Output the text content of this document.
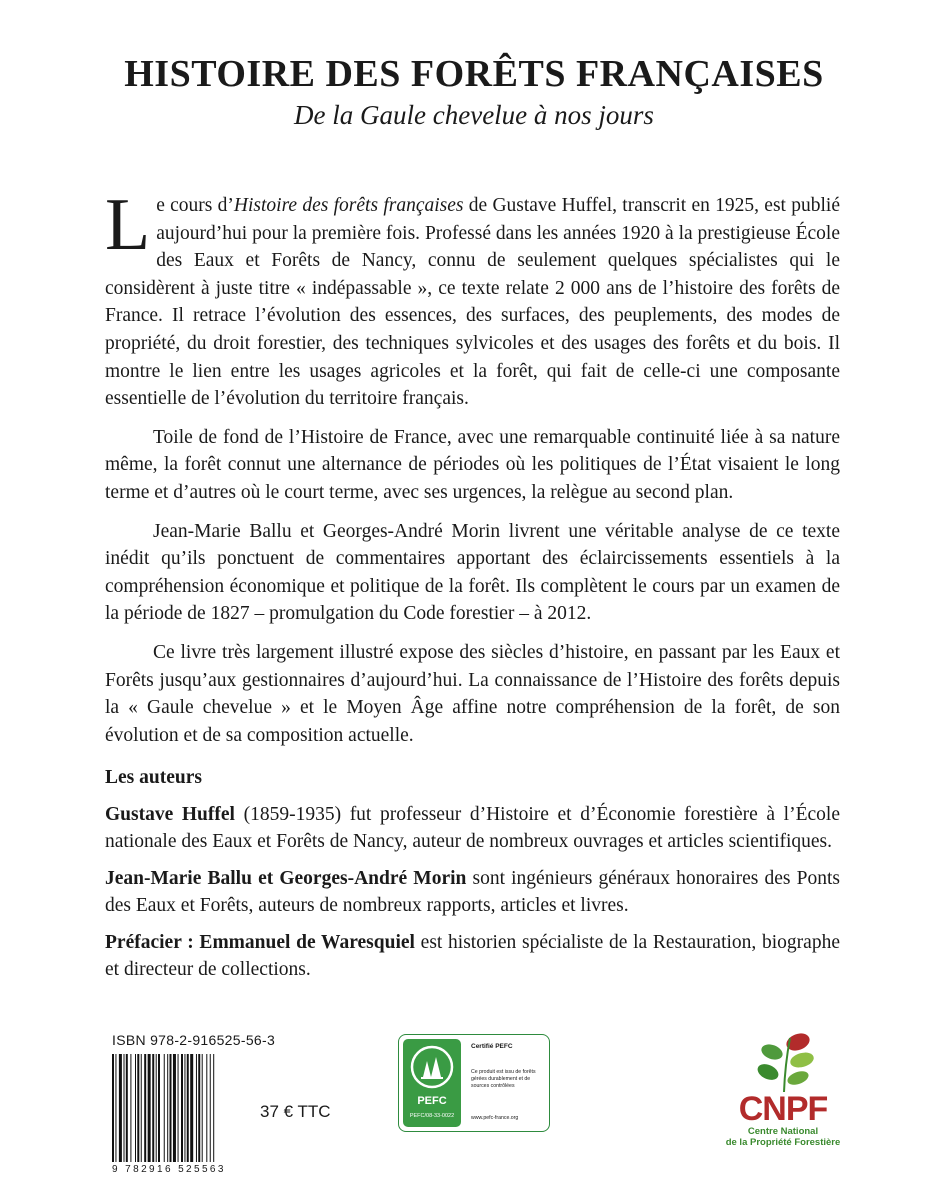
HISTOIRE DES FORÊTS FRANÇAISES
De la Gaule chevelue à nos jours

Le cours d’Histoire des forêts françaises de Gustave Huffel, transcrit en 1925, est publié aujourd’hui pour la première fois. Professé dans les années 1920 à la prestigieuse École des Eaux et Forêts de Nancy, connu de seulement quelques spécialistes qui le considèrent à juste titre « indépassable », ce texte relate 2 000 ans de l’histoire des forêts de France. Il retrace l’évolution des essences, des surfaces, des peuplements, des modes de propriété, du droit forestier, des techniques sylvicoles et des usages des forêts et du bois. Il montre le lien entre les usages agricoles et la forêt, qui fait de celle-ci une composante essentielle de l’évolution du territoire français.

Toile de fond de l’Histoire de France, avec une remarquable continuité liée à sa nature même, la forêt connut une alternance de périodes où les politiques de l’État visaient le long terme et d’autres où le court terme, avec ses urgences, la relègue au second plan.

Jean-Marie Ballu et Georges-André Morin livrent une véritable analyse de ce texte inédit qu’ils ponctuent de commentaires apportant des éclaircissements essentiels à la compréhension économique et politique de la forêt. Ils complètent le cours par un examen de la période de 1827 – promulgation du Code forestier – à 2012.

Ce livre très largement illustré expose des siècles d’histoire, en passant par les Eaux et Forêts jusqu’aux gestionnaires d’aujourd’hui. La connaissance de l’Histoire des forêts depuis la « Gaule chevelue » et le Moyen Âge affine notre compréhension de la forêt, de son évolution et de sa composition actuelle.

Les auteurs

Gustave Huffel (1859-1935) fut professeur d’Histoire et d’Économie forestière à l’École nationale des Eaux et Forêts de Nancy, auteur de nombreux ouvrages et articles scientifiques.

Jean-Marie Ballu et Georges-André Morin sont ingénieurs généraux honoraires des Ponts des Eaux et Forêts, auteurs de nombreux rapports, articles et livres.

Préfacier : Emmanuel de Waresquiel est historien spécialiste de la Restauration, biographe et directeur de collections.

ISBN 978-2-916525-56-3
9 782916 525563
37 € TTC
PEFC
PEFC/08-33-0022
Certifié PEFC
Ce produit est issu de forêts gérées durablement et de sources contrôlées
www.pefc-france.org	CNPF
Centre National
de la Propriété Forestière
